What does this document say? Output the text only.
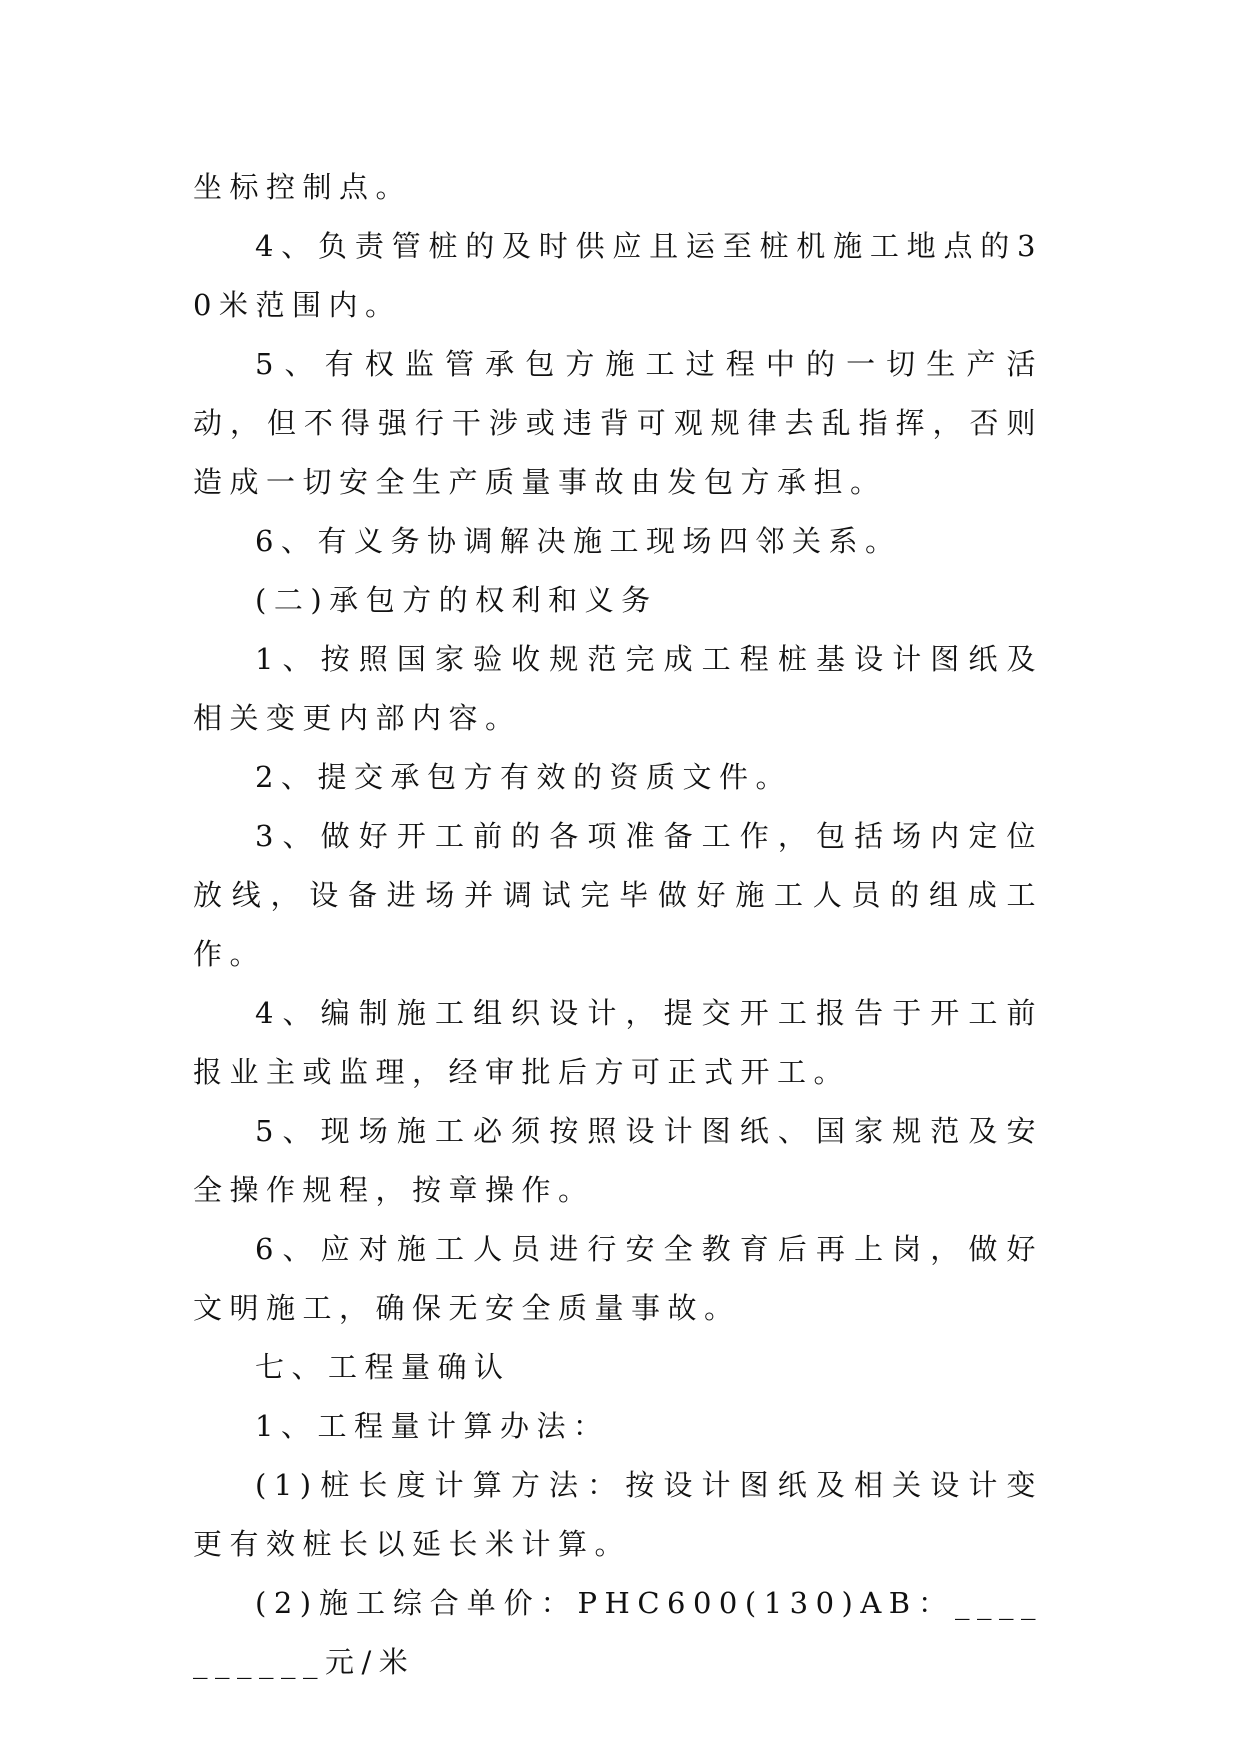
坐标控制点。

4、负责管桩的及时供应且运至桩机施工地点的30米范围内。

5、有权监管承包方施工过程中的一切生产活动，但不得强行干涉或违背可观规律去乱指挥，否则造成一切安全生产质量事故由发包方承担。

6、有义务协调解决施工现场四邻关系。

(二)承包方的权利和义务

1、按照国家验收规范完成工程桩基设计图纸及相关变更内部内容。

2、提交承包方有效的资质文件。

3、做好开工前的各项准备工作，包括场内定位放线，设备进场并调试完毕做好施工人员的组成工作。

4、编制施工组织设计，提交开工报告于开工前报业主或监理，经审批后方可正式开工。

5、现场施工必须按照设计图纸、国家规范及安全操作规程，按章操作。

6、应对施工人员进行安全教育后再上岗，做好文明施工，确保无安全质量事故。

七、工程量确认

1、工程量计算办法：

(1)桩长度计算方法：按设计图纸及相关设计变更有效桩长以延长米计算。

(2)施工综合单价：PHC600(130)AB：__________元/米
